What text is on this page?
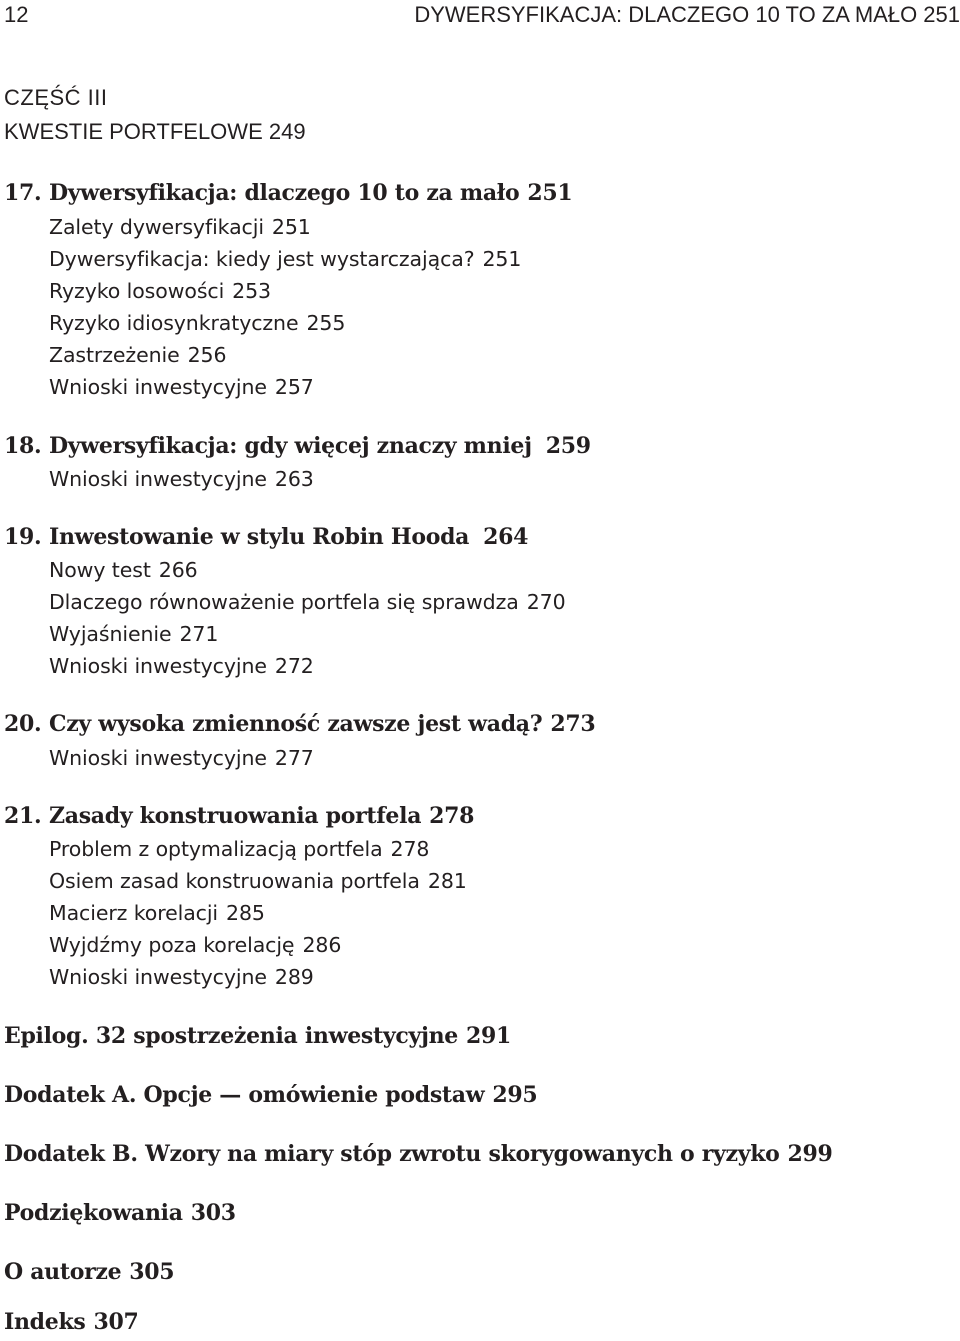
12	DYWERSYFIKACJA: DLACZEGO 10 TO ZA MAŁO 251
CZĘŚĆ III
KWESTIE PORTFELOWE 249
17. Dywersyfikacja: dlaczego 10 to za mało 251
Zalety dywersyfikacji 251
Dywersyfikacja: kiedy jest wystarczająca? 251
Ryzyko losowości 253
Ryzyko idiosynkratyczne 255
Zastrzeżenie 256
Wnioski inwestycyjne 257
18. Dywersyfikacja: gdy więcej znaczy mniej 259
Wnioski inwestycyjne 263
19. Inwestowanie w stylu Robin Hooda 264
Nowy test 266
Dlaczego równoważenie portfela się sprawdza 270
Wyjaśnienie 271
Wnioski inwestycyjne 272
20. Czy wysoka zmienność zawsze jest wadą? 273
Wnioski inwestycyjne 277
21. Zasady konstruowania portfela 278
Problem z optymalizacją portfela 278
Osiem zasad konstruowania portfela 281
Macierz korelacji 285
Wyjdźmy poza korelację 286
Wnioski inwestycyjne 289
Epilog. 32 spostrzeżenia inwestycyjne 291
Dodatek A. Opcje — omówienie podstaw 295
Dodatek B. Wzory na miary stóp zwrotu skorygowanych o ryzyko 299
Podziękowania 303
O autorze 305
Indeks 307
